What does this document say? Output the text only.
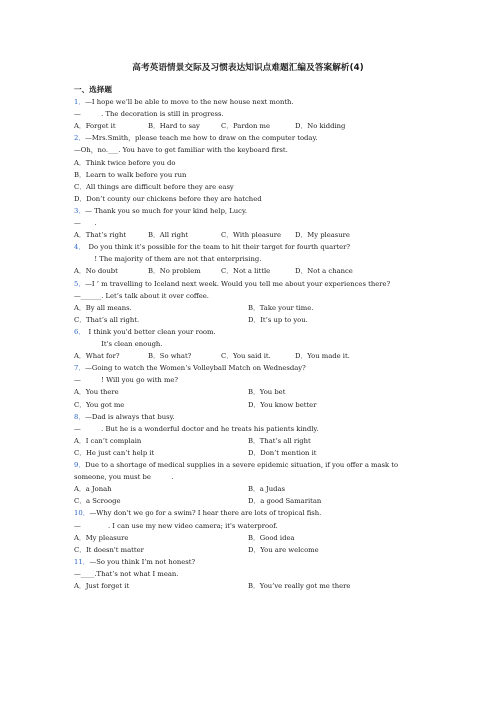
高考英语情景交际及习惯表达知识点难题汇编及答案解析(4)
一、选择题
1．—I hope we’ll be able to move to the new house next month.
—　　　. The decoration is still in progress.
A．Forget it	B．Hard to say	C．Pardon me	D．No kidding
2．—Mrs.Smith，please teach me how to draw on the computer today.
—Oh，no.___. You have to get familiar with the keyboard first.
A．Think twice before you do
B．Learn to walk before you run
C．All things are difficult before they are easy
D．Don’t county our chickens before they are hatched
3．— Thank you so much for your kind help, Lucy.
—　　.
A．That’s right	B．All right	C．With pleasure D．My pleasure
4．　Do you think it’s possible for the team to hit their target for fourth quarter?
　　　! The majority of them are not that enterprising.
A．No doubt	B．No problem	C．Not a little	D．Not a chance
5．—I ’ m travelling to Iceland next week. Would you tell me about your experiences there?
—______. Let’s talk about it over coffee.
A．By all means.	B．Take your time.
C．That’s all right.	D．It’s up to you.
6．　I think you'd better clean your room.
　　　　It's clean enough.
A．What for?	B．So what?	C．You said it.	D．You made it.
7．—Going to watch the Women’s Volleyball Match on Wednesday?
—　　　! Will you go with me?
A．You there	B．You bet
C．You got me	D．You know better
8．—Dad is always that busy.
—　　　. But he is a wonderful doctor and he treats his patients kindly.
A．I can’t complain	B．That’s all right
C．He just can’t help it	D．Don’t mention it
9．Due to a shortage of medical supplies in a severe epidemic situation, if you offer a mask to
someone, you must be　　　.
A．a Jonah	B．a Judas
C．a Scrooge	D．a good Samaritan
10．—Why don't we go for a swim? I hear there are lots of tropical fish.
—　　　　. I can use my new video camera; it's waterproof.
A．My pleasure	B．Good idea
C．It doesn't matter	D．You are welcome
11．—So you think I’m not honest?
—____.That’s not what I mean.
A．Just forget it	B．You’ve really got me there
